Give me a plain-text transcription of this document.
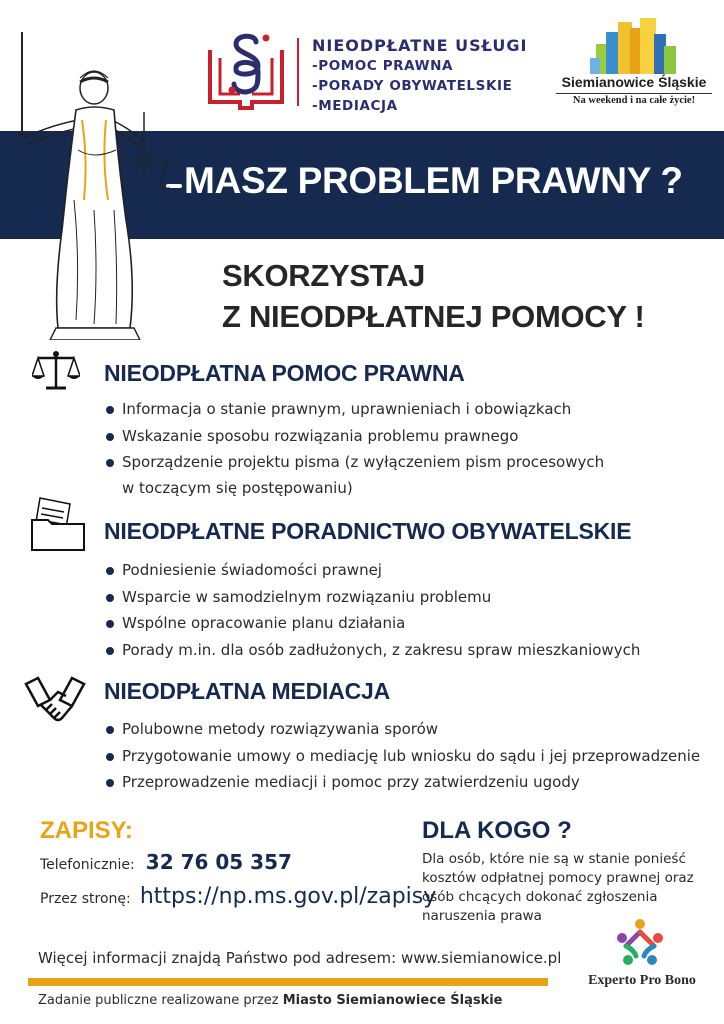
NIEODPŁATNE USŁUGI
-POMOC PRAWNA
-PORADY OBYWATELSKIE
-MEDIACJA
Siemianowice Śląskie
Na weekend i na całe życie!
MASZ PROBLEM PRAWNY ?
SKORZYSTAJ
Z NIEODPŁATNEJ POMOCY !
NIEODPŁATNA POMOC PRAWNA
Informacja o stanie prawnym, uprawnieniach i obowiązkach
Wskazanie sposobu rozwiązania problemu prawnego
Sporządzenie projektu pisma (z wyłączeniem pism procesowych
w toczącym się postępowaniu)
NIEODPŁATNE PORADNICTWO OBYWATELSKIE
Podniesienie świadomości prawnej
Wsparcie w samodzielnym rozwiązaniu problemu
Wspólne opracowanie planu działania
Porady m.in. dla osób zadłużonych, z zakresu spraw mieszkaniowych
NIEODPŁATNA MEDIACJA
Polubowne metody rozwiązywania sporów
Przygotowanie umowy o mediację lub wniosku do sądu i jej przeprowadzenie
Przeprowadzenie mediacji i pomoc przy zatwierdzeniu ugody
ZAPISY:
Telefonicznie: 32 76 05 357
Przez stronę: https://np.ms.gov.pl/zapisy
DLA KOGO ?
Dla osób, które nie są w stanie ponieść kosztów odpłatnej pomocy prawnej oraz osób chcących dokonać zgłoszenia naruszenia prawa
Więcej informacji znajdą Państwo pod adresem: www.siemianowice.pl
Zadanie publiczne realizowane przez Miasto Siemianowiece Śląskie
Experto Pro Bono
